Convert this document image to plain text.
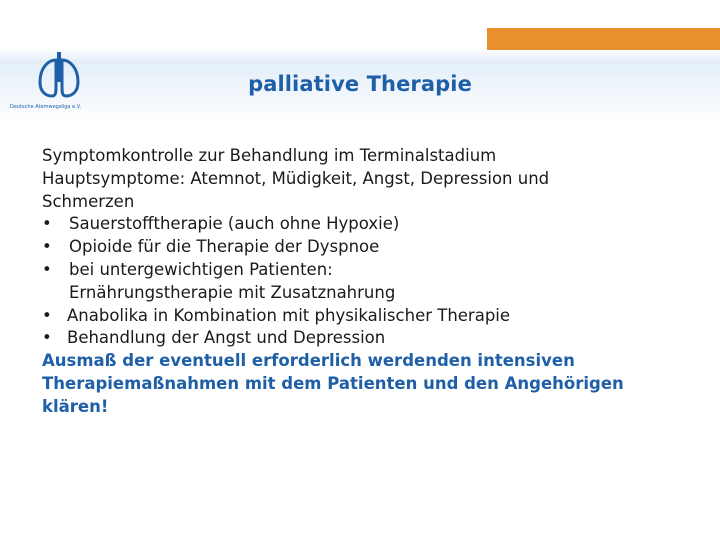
Deutsche Atemwegsliga e.V.
palliative Therapie

Symptomkontrolle zur Behandlung im Terminalstadium

Hauptsymptome: Atemnot, Müdigkeit, Angst, Depression und

Schmerzen

•	Sauerstofftherapie (auch ohne Hypoxie)
•	Opioide für die Therapie der Dyspnoe
•	bei untergewichtigen Patienten:

Ernährungstherapie mit Zusatznahrung

• Anabolika in Kombination mit physikalischer Therapie
• Behandlung der Angst und Depression

Ausmaß der eventuell erforderlich werdenden intensiven

Therapiemaßnahmen mit dem Patienten und den Angehörigen

klären!
